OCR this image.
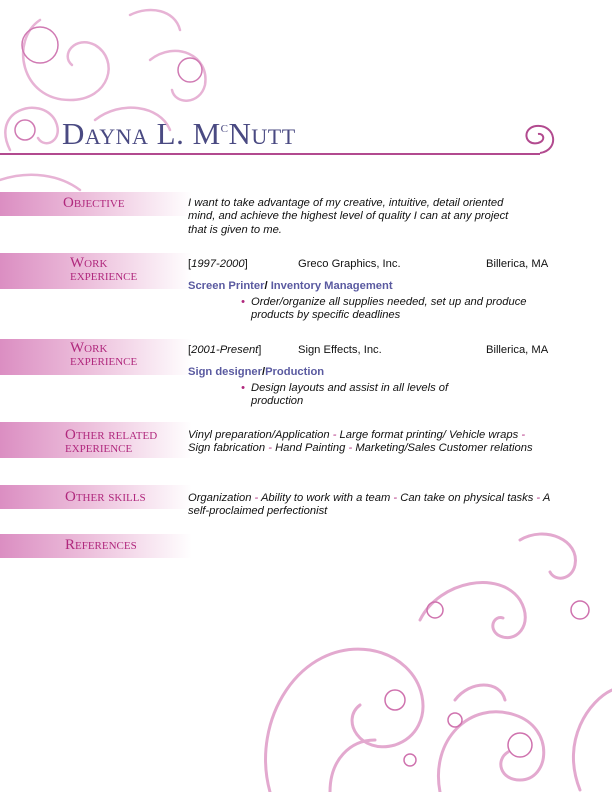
Dayna L. $M^cNutt$
Objective	I want to take advantage of my creative, intuitive, detail oriented mind, and achieve the highest level of quality I can at any project that is given to me.
Work
experience
[1997-2000]	Greco Graphics, Inc.	Billerica, MA
Screen Printer/ Inventory Management
• Order/organize all supplies needed, set up and produce products by specific deadlines
Work
experience
[2001-Present]	Sign Effects, Inc.	Billerica, MA
Sign designer/Production
• Design layouts and assist in all levels of production
Other related
experience
Vinyl preparation/Application - Large format printing/ Vehicle wraps - Sign fabrication - Hand Painting - Marketing/Sales Customer relations
Other skills	Organization - Ability to work with a team - Can take on physical tasks - A self-proclaimed perfectionist
References
